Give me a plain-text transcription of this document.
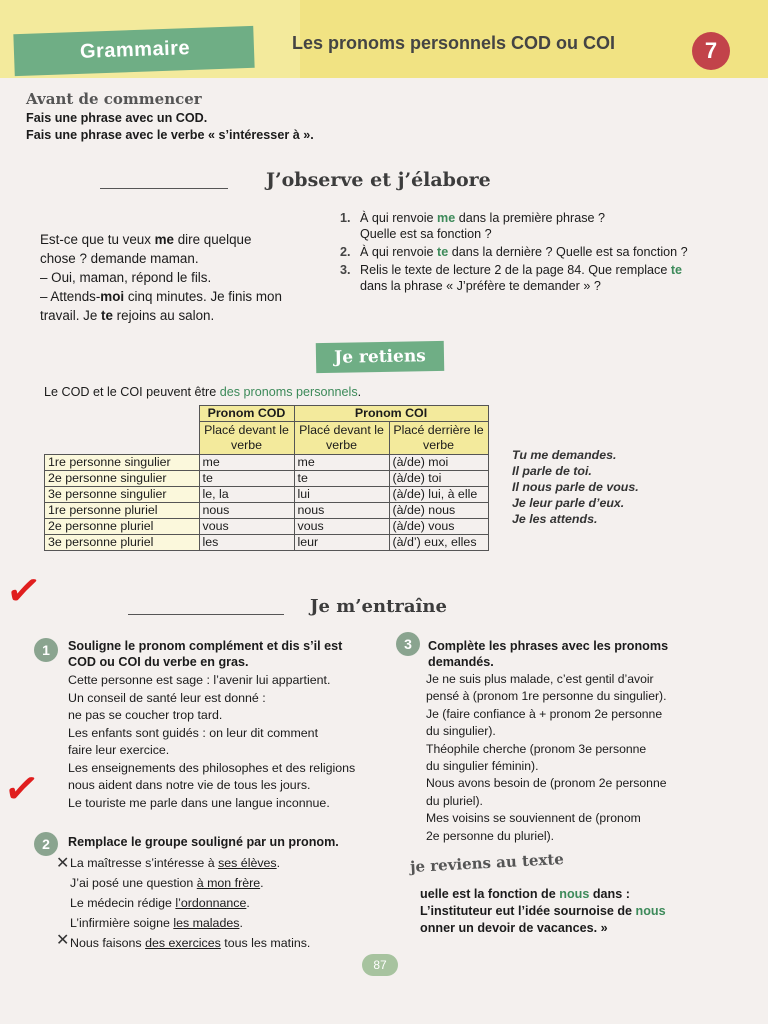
Grammaire	Les pronoms personnels COD ou COI	7
Avant de commencer
Fais une phrase avec un COD.
Fais une phrase avec le verbe « s’intéresser à ».
J’observe et j’élabore
Est-ce que tu veux me dire quelque
chose ? demande maman.
– Oui, maman, répond le fils.
– Attends-moi cinq minutes. Je finis mon
travail. Je te rejoins au salon.
1. À qui renvoie me dans la première phrase ?
Quelle est sa fonction ?
2. À qui renvoie te dans la dernière ? Quelle est sa fonction ?
3. Relis le texte de lecture 2 de la page 84. Que remplace te
dans la phrase « J’préfère te demander » ?
Je retiens
Le COD et le COI peuvent être des pronoms personnels.
	Pronom COD	Pronom COI	
	Placé devant le verbe	Placé devant le verbe	Placé derrière le verbe
1re personne singulier	me	me	(à/de) moi
2e personne singulier	te	te	(à/de) toi
3e personne singulier	le, la	lui	(à/de) lui, à elle
1re personne pluriel	nous	nous	(à/de) nous
2e personne pluriel	vous	vous	(à/de) vous
3e personne pluriel	les	leur	(à/d’) eux, elles
Tu me demandes.
Il parle de toi.
Il nous parle de vous.
Je leur parle d’eux.
Je les attends.
✓
✓
Je m’entraîne
1	Souligne le pronom complément et dis s’il est
COD ou COI du verbe en gras.
Cette personne est sage : l’avenir lui appartient.
Un conseil de santé leur est donné :
ne pas se coucher trop tard.
Les enfants sont guidés : on leur dit comment
faire leur exercice.
Les enseignements des philosophes et des religions
nous aident dans notre vie de tous les jours.
Le touriste me parle dans une langue inconnue.
2	Remplace le groupe souligné par un pronom.
✕
✕
La maîtresse s’intéresse à ses élèves.
J’ai posé une question à mon frère.
Le médecin rédige l’ordonnance.
L’infirmière soigne les malades.
Nous faisons des exercices tous les matins.
3	Complète les phrases avec les pronoms
demandés.
Je ne suis plus malade, c’est gentil d’avoir
pensé à (pronom 1re personne du singulier).
Je (faire confiance à + pronom 2e personne
du singulier).
Théophile cherche (pronom 3e personne
du singulier féminin).
Nous avons besoin de (pronom 2e personne
du pluriel).
Mes voisins se souviennent de (pronom
2e personne du pluriel).
je reviens au texte
uelle est la fonction de nous dans :
L’instituteur eut l’idée sournoise de nous
onner un devoir de vacances. »
87
